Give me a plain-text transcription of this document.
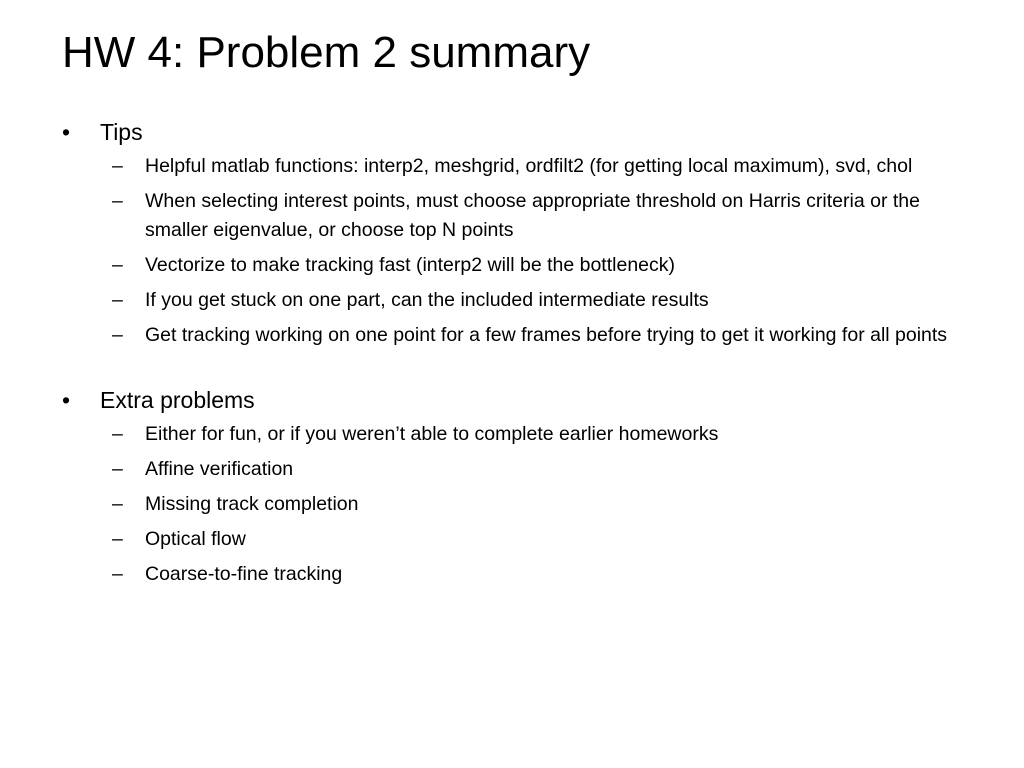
HW 4: Problem 2 summary
•	Tips
–	Helpful matlab functions: interp2, meshgrid, ordfilt2 (for getting local maximum), svd, chol
–	When selecting interest points, must choose appropriate threshold on Harris criteria or the smaller eigenvalue, or choose top N points
–	Vectorize to make tracking fast (interp2 will be the bottleneck)
–	If you get stuck on one part, can the included intermediate results
–	Get tracking working on one point for a few frames before trying to get it working for all points
•	Extra problems
–	Either for fun, or if you weren’t able to complete earlier homeworks
–	Affine verification
–	Missing track completion
–	Optical flow
–	Coarse-to-fine tracking
